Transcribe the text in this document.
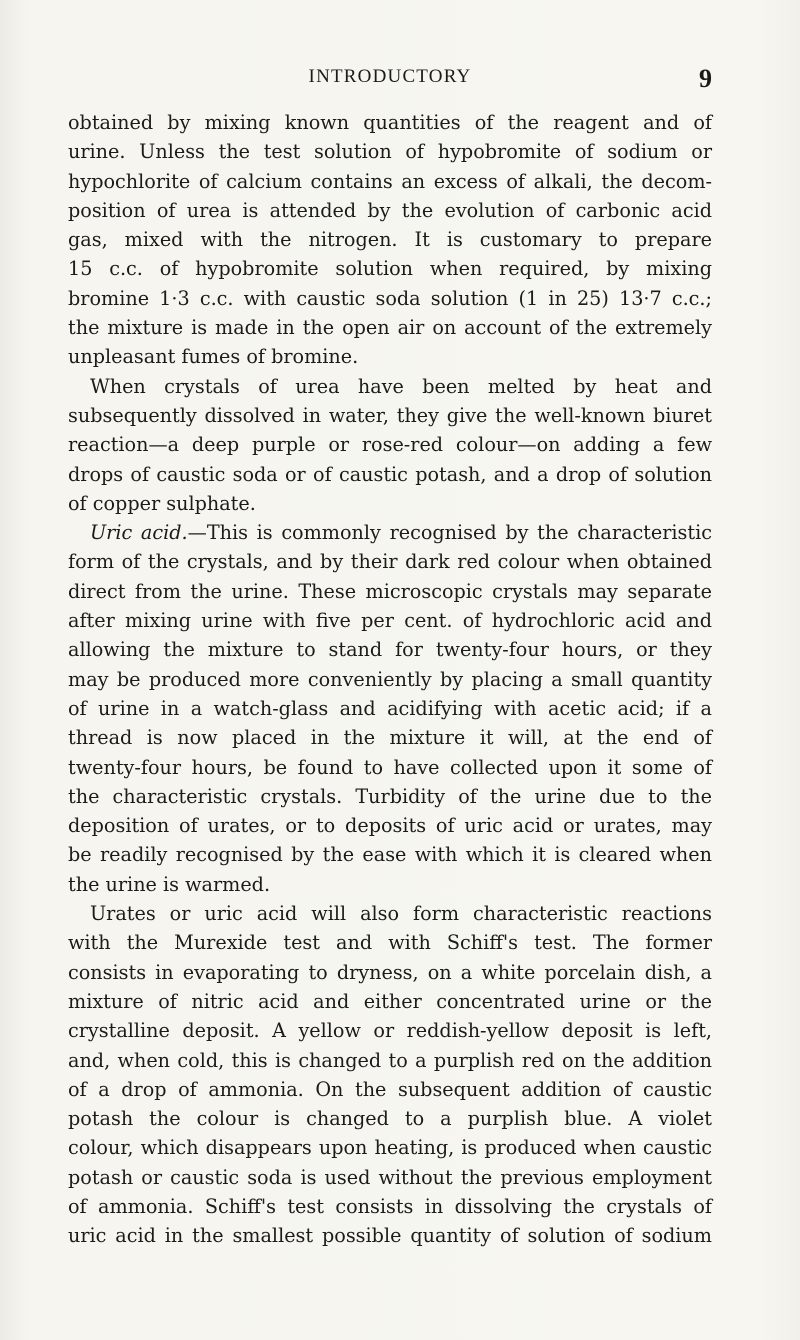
INTRODUCTORY	9
obtained by mixing known quantities of the reagent and of
urine. Unless the test solution of hypobromite of sodium or
hypochlorite of calcium contains an excess of alkali, the decom-
position of urea is attended by the evolution of carbonic acid
gas, mixed with the nitrogen. It is customary to prepare
15 c.c. of hypobromite solution when required, by mixing
bromine 1·3 c.c. with caustic soda solution (1 in 25) 13·7 c.c.;
the mixture is made in the open air on account of the extremely
unpleasant fumes of bromine.
When crystals of urea have been melted by heat and
subsequently dissolved in water, they give the well-known biuret
reaction—a deep purple or rose-red colour—on adding a few
drops of caustic soda or of caustic potash, and a drop of solution
of copper sulphate.
Uric acid.—This is commonly recognised by the characteristic
form of the crystals, and by their dark red colour when obtained
direct from the urine. These microscopic crystals may separate
after mixing urine with five per cent. of hydrochloric acid and
allowing the mixture to stand for twenty-four hours, or they
may be produced more conveniently by placing a small quantity
of urine in a watch-glass and acidifying with acetic acid; if a
thread is now placed in the mixture it will, at the end of
twenty-four hours, be found to have collected upon it some of
the characteristic crystals. Turbidity of the urine due to the
deposition of urates, or to deposits of uric acid or urates, may
be readily recognised by the ease with which it is cleared when
the urine is warmed.
Urates or uric acid will also form characteristic reactions
with the Murexide test and with Schiff's test. The former
consists in evaporating to dryness, on a white porcelain dish, a
mixture of nitric acid and either concentrated urine or the
crystalline deposit. A yellow or reddish-yellow deposit is left,
and, when cold, this is changed to a purplish red on the addition
of a drop of ammonia. On the subsequent addition of caustic
potash the colour is changed to a purplish blue. A violet
colour, which disappears upon heating, is produced when caustic
potash or caustic soda is used without the previous employment
of ammonia. Schiff's test consists in dissolving the crystals of
uric acid in the smallest possible quantity of solution of sodium
